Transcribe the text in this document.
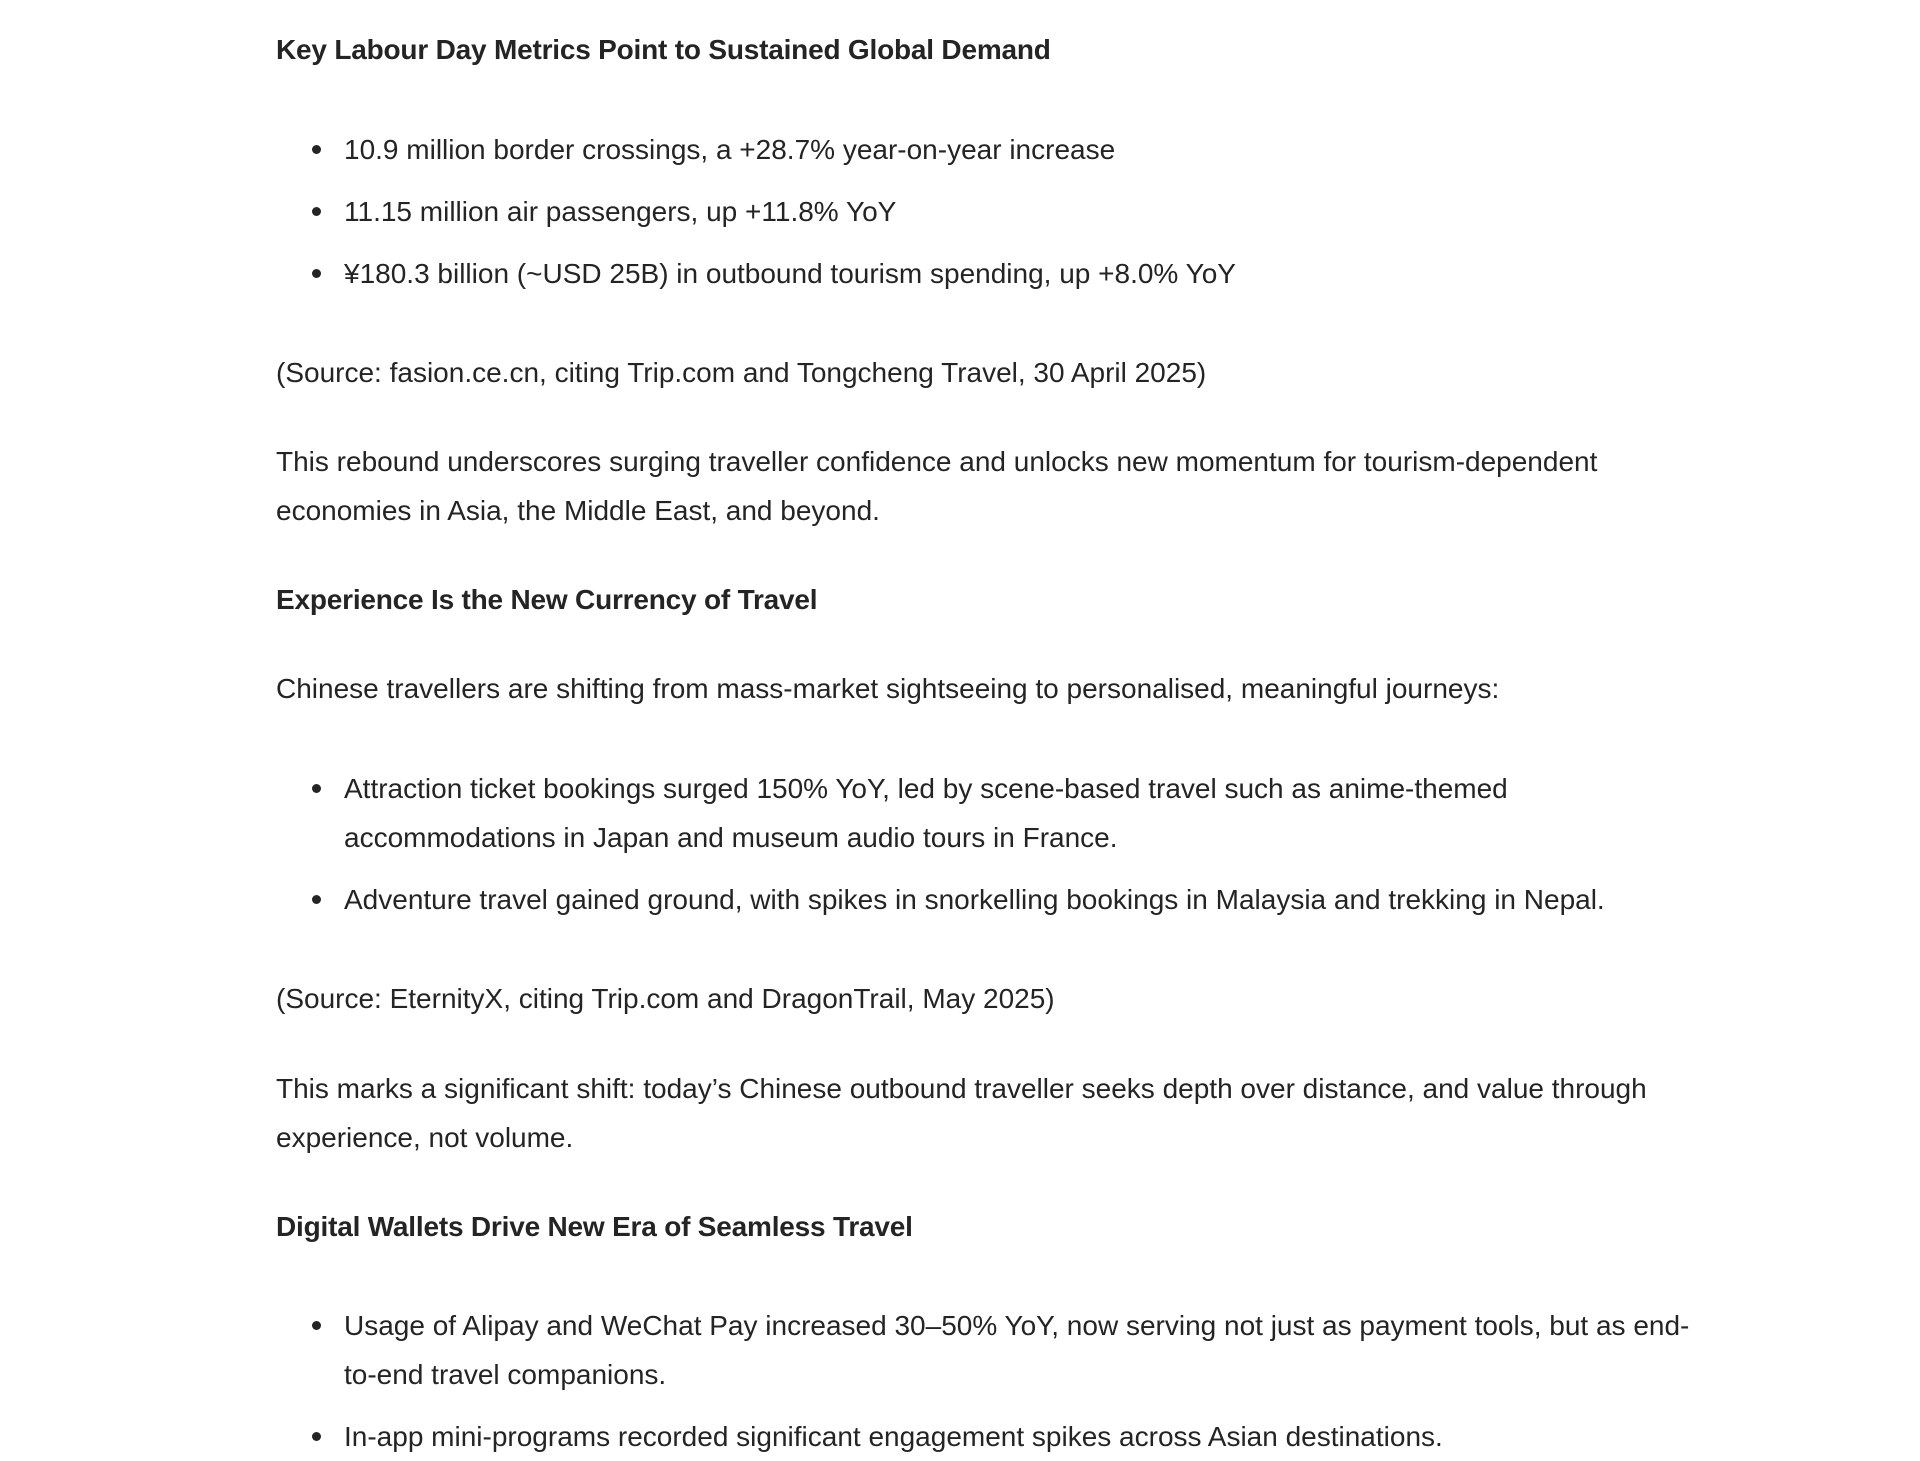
Key Labour Day Metrics Point to Sustained Global Demand

10.9 million border crossings, a +28.7% year-on-year increase

11.15 million air passengers, up +11.8% YoY

¥180.3 billion (~USD 25B) in outbound tourism spending, up +8.0% YoY

(Source: fasion.ce.cn, citing Trip.com and Tongcheng Travel, 30 April 2025)

This rebound underscores surging traveller confidence and unlocks new momentum for tourism-dependent economies in Asia, the Middle East, and beyond.

Experience Is the New Currency of Travel

Chinese travellers are shifting from mass-market sightseeing to personalised, meaningful journeys:

Attraction ticket bookings surged 150% YoY, led by scene-based travel such as anime-themed accommodations in Japan and museum audio tours in France.

Adventure travel gained ground, with spikes in snorkelling bookings in Malaysia and trekking in Nepal.

(Source: EternityX, citing Trip.com and DragonTrail, May 2025)

This marks a significant shift: today’s Chinese outbound traveller seeks depth over distance, and value through experience, not volume.

Digital Wallets Drive New Era of Seamless Travel

Usage of Alipay and WeChat Pay increased 30–50% YoY, now serving not just as payment tools, but as end-to-end travel companions.

In-app mini-programs recorded significant engagement spikes across Asian destinations.
